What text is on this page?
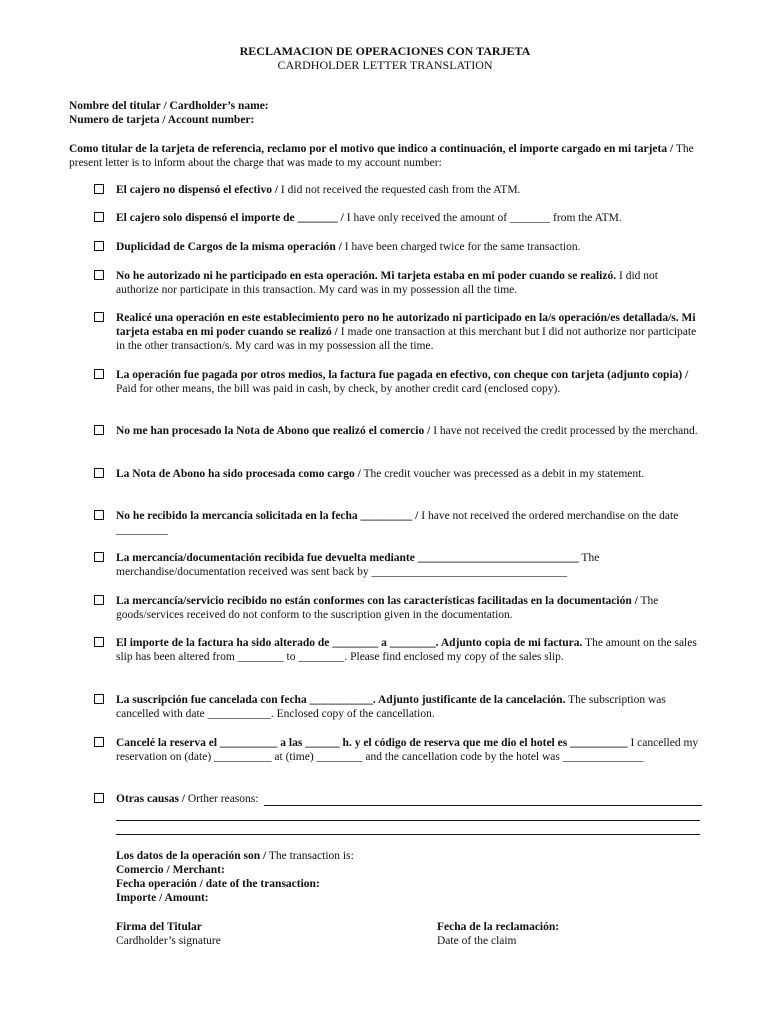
RECLAMACION DE OPERACIONES CON TARJETA
CARDHOLDER LETTER TRANSLATION
Nombre del titular / Cardholder’s name:
Numero de tarjeta / Account number:
Como titular de la tarjeta de referencia, reclamo por el motivo que indico a continuación, el importe cargado en mi tarjeta / The present letter is to inform about the charge that was made to my account number:
El cajero no dispensó el efectivo / I did not received the requested cash from the ATM.
El cajero solo dispensó el importe de _______ / I have only received the amount of _______ from the ATM.
Duplicidad de Cargos de la misma operación / I have been charged twice for the same transaction.
No he autorizado ni he participado en esta operación. Mi tarjeta estaba en mi poder cuando se realizó. I did not authorize nor participate in this transaction. My card was in my possession all the time.
Realicé una operación en este establecimiento pero no he autorizado ni participado en la/s operación/es detallada/s. Mi tarjeta estaba en mi poder cuando se realizó / I made one transaction at this merchant but I did not authorize nor participate in the other transaction/s. My card was in my possession all the time.
La operación fue pagada por otros medios, la factura fue pagada en efectivo, con cheque con tarjeta (adjunto copia) / Paid for other means, the bill was paid in cash, by check, by another credit card (enclosed copy).
No me han procesado la Nota de Abono que realizó el comercio / I have not received the credit processed by the merchand.
La Nota de Abono ha sido procesada como cargo / The credit voucher was precessed as a debit in my statement.
No he recibido la mercancía solicitada en la fecha _________ / I have not received the ordered merchandise on the date _________
La mercancía/documentación recibida fue devuelta mediante ____________________________ The merchandise/documentation received was sent back by __________________________________
La mercancía/servicio recibido no están conformes con las características facilitadas en la documentación / The goods/services received do not conform to the suscription given in the documentation.
El importe de la factura ha sido alterado de ________ a ________. Adjunto copia de mi factura. The amount on the sales slip has been altered from ________ to ________. Please find enclosed my copy of the sales slip.
La suscripción fue cancelada con fecha ___________. Adjunto justificante de la cancelación. The subscription was cancelled with date ___________. Enclosed copy of the cancellation.
Cancelé la reserva el __________ a las ______ h. y el código de reserva que me dio el hotel es __________ I cancelled my reservation on (date) __________ at (time) ________ and the cancellation code by the hotel was ______________
Otras causas / Orther reasons:
Los datos de la operación son / The transaction is:
Comercio / Merchant:
Fecha operación / date of the transaction:
Importe / Amount:
Firma del Titular
Cardholder’s signature
Fecha de la reclamación:
Date of the claim
